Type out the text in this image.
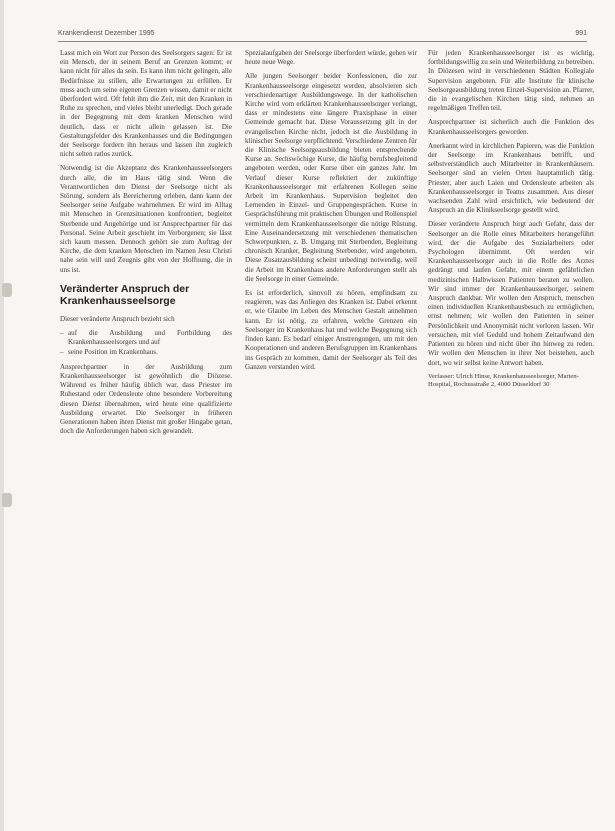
Krankendienst Dezember 1995	991

Lasst mich ein Wort zur Person des Seelsorgers sagen: Er ist ein Mensch, der in seinem Beruf an Grenzen kommt; er kann nicht für alles da sein. Es kann ihm nicht gelingen, alle Bedürfnisse zu stillen, alle Erwartungen zu erfüllen. Er muss auch um seine eigenen Grenzen wissen, damit er nicht überfordert wird. Oft fehlt ihm die Zeit, mit den Kranken in Ruhe zu sprechen, und vieles bleibt unerledigt. Doch gerade in der Begegnung mit dem kranken Menschen wird deutlich, dass er nicht allein gelassen ist. Die Gestaltungsfelder des Krankenhauses und die Bedingungen der Seelsorge fordern ihn heraus und lassen ihn zugleich nicht selten ratlos zurück.

Notwendig ist die Akzeptanz des Krankenhausseelsorgers durch alle, die im Haus tätig sind. Wenn die Verantwortlichen den Dienst der Seelsorge nicht als Störung, sondern als Bereicherung erleben, dann kann der Seelsorger seine Aufgabe wahrnehmen. Er wird im Alltag mit Menschen in Grenzsituationen konfrontiert, begleitet Sterbende und Angehörige und ist Ansprechpartner für das Personal. Seine Arbeit geschieht im Verborgenen; sie lässt sich kaum messen. Dennoch gehört sie zum Auftrag der Kirche, die dem kranken Menschen im Namen Jesu Christi nahe sein will und Zeugnis gibt von der Hoffnung, die in uns ist.

Veränderter Anspruch der Krankenhausseelsorge

Dieser veränderte Anspruch bezieht sich

– auf die Ausbildung und Fortbildung des Krankenhausseelsorgers und auf
– seine Position im Krankenhaus.

Ansprechpartner in der Ausbildung zum Krankenhausseelsorger ist gewöhnlich die Diözese. Während es früher häufig üblich war, dass Priester im Ruhestand oder Ordensleute ohne besondere Vorbereitung diesen Dienst übernahmen, wird heute eine qualifizierte Ausbildung erwartet. Die Seelsorger in früheren Generationen haben ihren Dienst mit großer Hingabe getan, doch die Anforderungen haben sich gewandelt.

Spezialaufgaben der Seelsorge überfordert würde, gehen wir heute neue Wege.

Alle jungen Seelsorger beider Konfessionen, die zur Krankenhausseelsorge eingesetzt werden, absolvieren sich verschiedenartiger Ausbildungswege. In der katholischen Kirche wird vom erklärten Krankenhausseelsorger verlangt, dass er mindestens eine längere Praxisphase in einer Gemeinde gemacht hat. Diese Voraussetzung gilt in der evangelischen Kirche nicht, jedoch ist die Ausbildung in klinischer Seelsorge verpflichtend. Verschiedene Zentren für die Klinische Seelsorgeausbildung bieten entsprechende Kurse an. Sechswöchige Kurse, die häufig berufsbegleitend angeboten werden, oder Kurse über ein ganzes Jahr. Im Verlauf dieser Kurse reflektiert der zukünftige Krankenhausseelsorger mit erfahrenen Kollegen seine Arbeit im Krankenhaus. Supervision begleitet den Lernenden in Einzel- und Gruppengesprächen. Kurse in Gesprächsführung mit praktischen Übungen und Rollenspiel vermitteln dem Krankenhausseelsorger die nötige Rüstung. Eine Auseinandersetzung mit verschiedenen thematischen Schwerpunkten, z. B. Umgang mit Sterbenden, Begleitung chronisch Kranker, Begleitung Sterbender, wird angeboten. Diese Zusatzausbildung scheint unbedingt notwendig, weil die Arbeit im Krankenhaus andere Anforderungen stellt als die Seelsorge in einer Gemeinde.

Es ist erforderlich, sinnvoll zu hören, empfindsam zu reagieren, was das Anliegen des Kranken ist. Dabei erkennt er, wie Glaube im Leben des Menschen Gestalt annehmen kann. Er ist nötig, zu erfahren, welche Grenzen ein Seelsorger im Krankenhaus hat und welche Begegnung sich finden kann. Es bedarf einiger Anstrengungen, um mit den Kooperationen und anderen Berufsgruppen im Krankenhaus ins Gespräch zu kommen, damit der Seelsorger als Teil des Ganzen verstanden wird.

Für jeden Krankenhausseelsorger ist es wichtig, fortbildungswillig zu sein und Weiterbildung zu betreiben. In Diözesen wird in verschiedenen Städten Kollegiale Supervision angeboten. Für alle Institute für klinische Seelsorgeausbildung treten Einzel-Supervision an. Pfarrer, die in evangelischen Kirchen tätig sind, nehmen an regelmäßigen Treffen teil.

Ansprechpartner ist sicherlich auch die Funktion des Krankenhausseelsorgers geworden.

Anerkannt wird in kirchlichen Papieren, was die Funktion der Seelsorge im Krankenhaus betrifft, und selbstverständlich auch Mitarbeiter in Krankenhäusern. Seelsorger sind an vielen Orten hauptamtlich tätig. Priester, aber auch Laien und Ordensleute arbeiten als Krankenhausseelsorger in Teams zusammen. Aus dieser wachsenden Zahl wird ersichtlich, wie bedeutend der Anspruch an die Klinikseelsorge gestellt wird.

Dieser veränderte Anspruch birgt auch Gefahr, dass der Seelsorger an die Rolle eines Mitarbeiters herangeführt wird, der die Aufgabe des Sozialarbeiters oder Psychologen übernimmt. Oft werden wir Krankenhausseelsorger auch in die Rolle des Arztes gedrängt und laufen Gefahr, mit einem gefährlichen medizinischen Halbwissen Patienten beraten zu wollen. Wir sind immer der Krankenhausseelsorger, seinem Anspruch dankbar. Wir wollen den Anspruch, menschen einen individuellen Krankenhausbesuch zu ermöglichen, ernst nehmen; wir wollen den Patienten in seiner Persönlichkeit und Anonymität nicht verloren lassen. Wir versuchen, mit viel Geduld und hohem Zeitaufwand den Patienten zu hören und nicht über ihn hinweg zu reden. Wir wollen den Menschen in ihrer Not beistehen, auch dort, wo wir selbst keine Antwort haben.

Verfasser: Ulrich Hinse, Krankenhausseelsorger, Marien-Hospital, Rochusstraße 2, 4000 Düsseldorf 30
